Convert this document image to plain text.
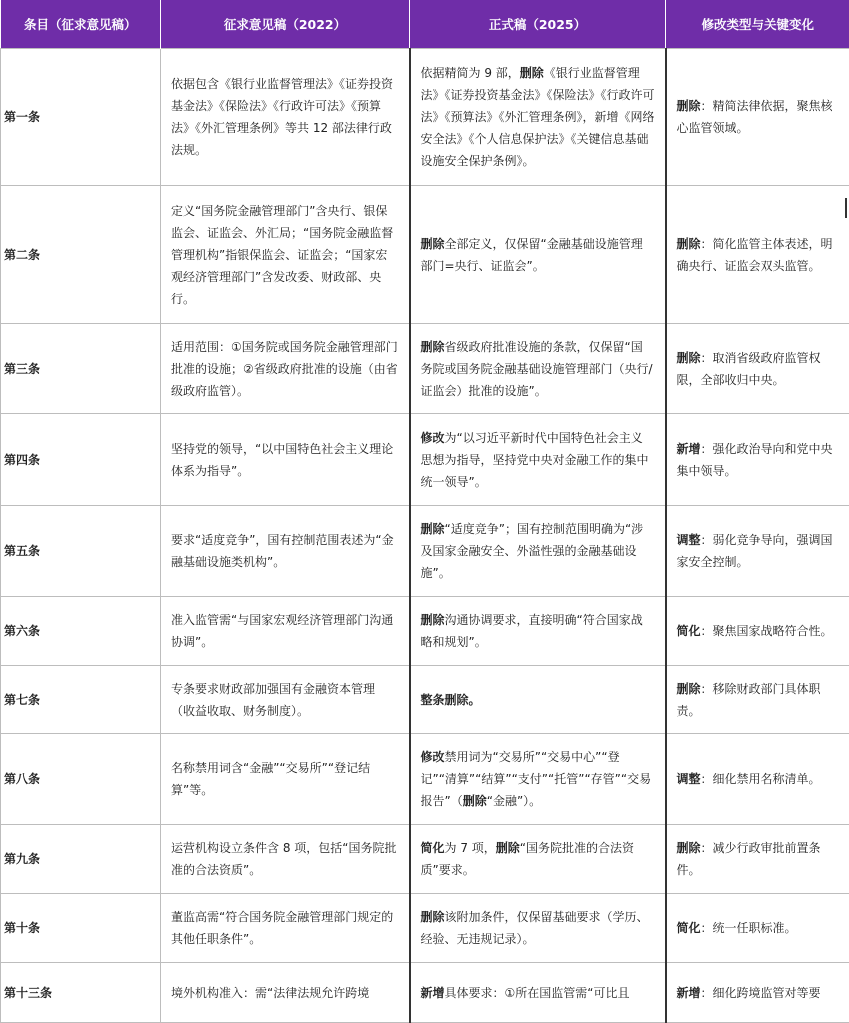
条目（征求意见稿）	征求意见稿（2022）	正式稿（2025）	修改类型与关键变化
第一条	依据包含《银行业监督管理法》《证券投资基金法》《保险法》《行政许可法》《预算法》《外汇管理条例》等共 12 部法律行政法规。	依据精简为 9 部，删除《银行业监督管理法》《证券投资基金法》《保险法》《行政许可法》《预算法》《外汇管理条例》，新增《网络安全法》《个人信息保护法》《关键信息基础设施安全保护条例》。	删除：精简法律依据，聚焦核心监管领域。
第二条	定义“国务院金融管理部门”含央行、银保监会、证监会、外汇局；“国务院金融监督管理机构”指银保监会、证监会；“国家宏观经济管理部门”含发改委、财政部、央行。	删除全部定义，仅保留“金融基础设施管理部门=央行、证监会”。	删除：简化监管主体表述，明确央行、证监会双头监管。
第三条	适用范围：①国务院或国务院金融管理部门批准的设施；②省级政府批准的设施（由省级政府监管）。	删除省级政府批准设施的条款，仅保留“国务院或国务院金融基础设施管理部门（央行/证监会）批准的设施”。	删除：取消省级政府监管权限，全部收归中央。
第四条	坚持党的领导，“以中国特色社会主义理论体系为指导”。	修改为“以习近平新时代中国特色社会主义思想为指导，坚持党中央对金融工作的集中统一领导”。	新增：强化政治导向和党中央集中领导。
第五条	要求“适度竞争”，国有控制范围表述为“金融基础设施类机构”。	删除“适度竞争”；国有控制范围明确为“涉及国家金融安全、外溢性强的金融基础设施”。	调整：弱化竞争导向，强调国家安全控制。
第六条	准入监管需“与国家宏观经济管理部门沟通协调”。	删除沟通协调要求，直接明确“符合国家战略和规划”。	简化：聚焦国家战略符合性。
第七条	专条要求财政部加强国有金融资本管理（收益收取、财务制度）。	整条删除。	删除：移除财政部门具体职责。
第八条	名称禁用词含“金融”“交易所”“登记结算”等。	修改禁用词为“交易所”“交易中心”“登记”“清算”“结算”“支付”“托管”“存管”“交易报告”（删除“金融”）。	调整：细化禁用名称清单。
第九条	运营机构设立条件含 8 项，包括“国务院批准的合法资质”。	简化为 7 项，删除“国务院批准的合法资质”要求。	删除：减少行政审批前置条件。
第十条	董监高需“符合国务院金融管理部门规定的其他任职条件”。	删除该附加条件，仅保留基础要求（学历、经验、无违规记录）。	简化：统一任职标准。
第十三条	境外机构准入：需“法律法规允许跨境	新增具体要求：①所在国监管需“可比且	新增：细化跨境监管对等要
